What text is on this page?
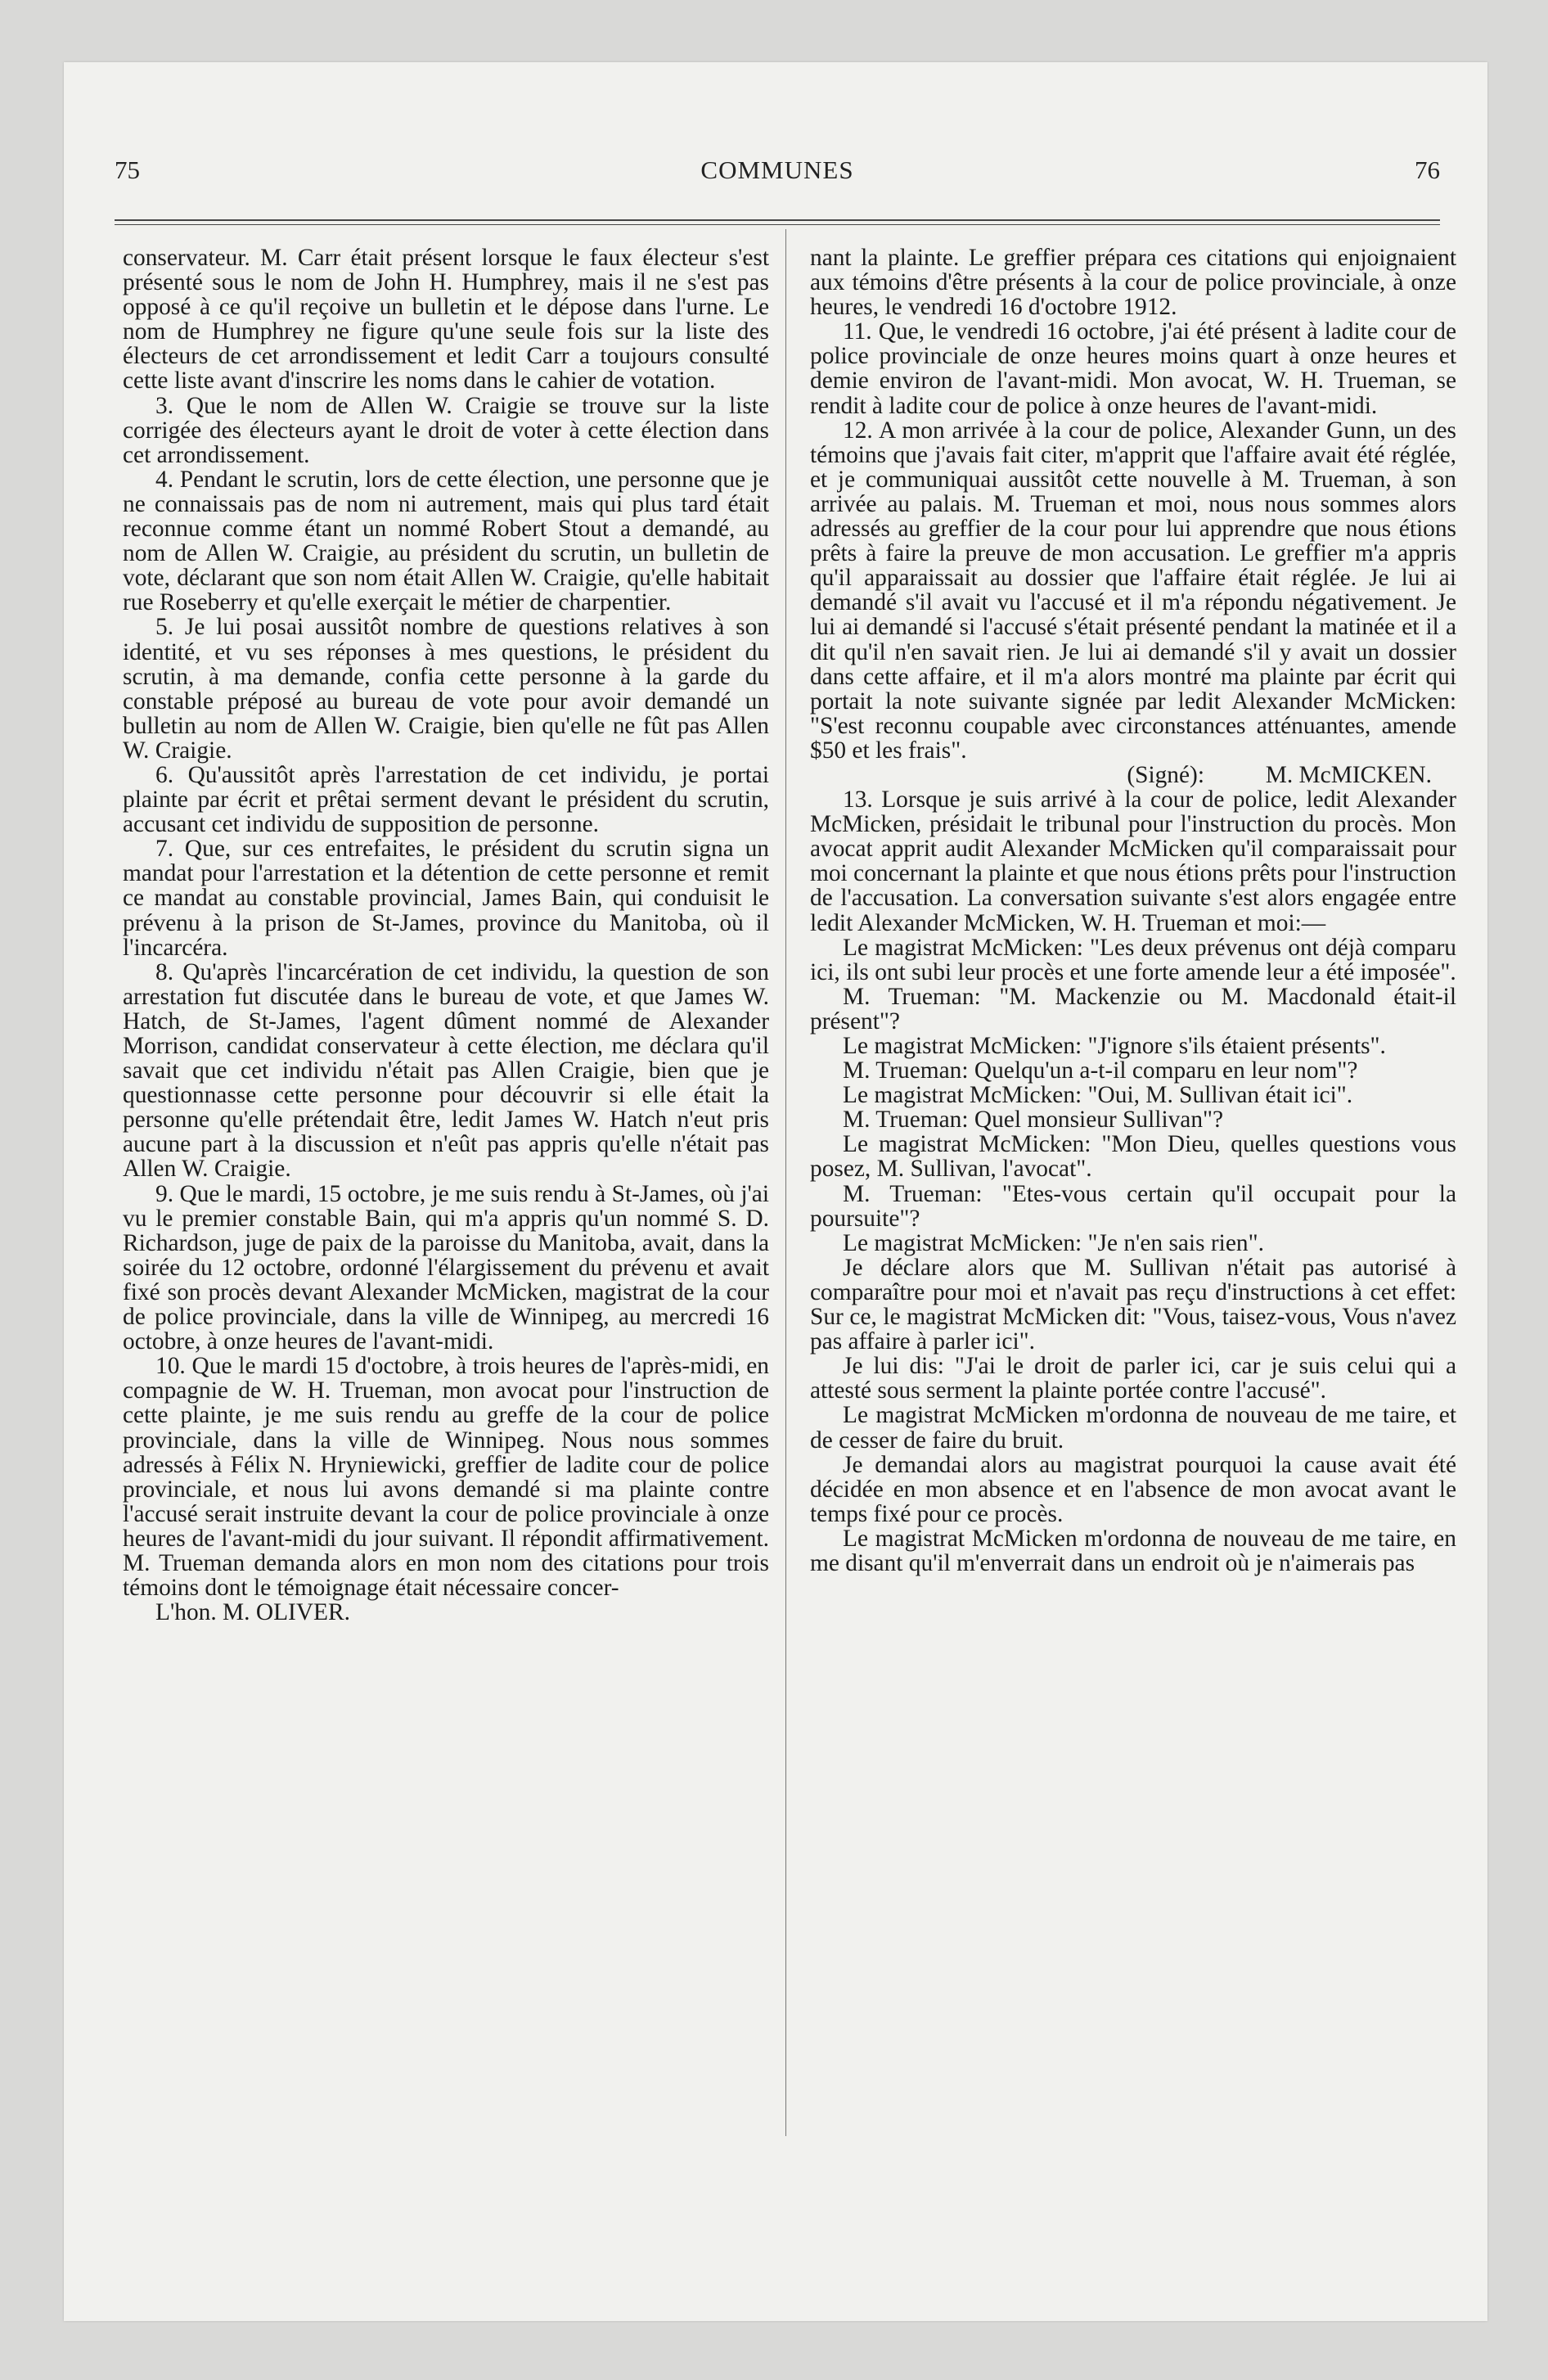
75	COMMUNES	76

conservateur. M. Carr était présent lorsque le faux électeur s'est présenté sous le nom de John H. Humphrey, mais il ne s'est pas opposé à ce qu'il reçoive un bulletin et le dépose dans l'urne. Le nom de Humphrey ne figure qu'une seule fois sur la liste des électeurs de cet arrondissement et ledit Carr a toujours consulté cette liste avant d'inscrire les noms dans le cahier de votation.

3. Que le nom de Allen W. Craigie se trouve sur la liste corrigée des électeurs ayant le droit de voter à cette élection dans cet arrondissement.

4. Pendant le scrutin, lors de cette élection, une personne que je ne connaissais pas de nom ni autrement, mais qui plus tard était reconnue comme étant un nommé Robert Stout a demandé, au nom de Allen W. Craigie, au président du scrutin, un bulletin de vote, déclarant que son nom était Allen W. Craigie, qu'elle habitait rue Roseberry et qu'elle exerçait le métier de charpentier.

5. Je lui posai aussitôt nombre de questions relatives à son identité, et vu ses réponses à mes questions, le président du scrutin, à ma demande, confia cette personne à la garde du constable préposé au bureau de vote pour avoir demandé un bulletin au nom de Allen W. Craigie, bien qu'elle ne fût pas Allen W. Craigie.

6. Qu'aussitôt après l'arrestation de cet individu, je portai plainte par écrit et prêtai serment devant le président du scrutin, accusant cet individu de supposition de personne.

7. Que, sur ces entrefaites, le président du scrutin signa un mandat pour l'arrestation et la détention de cette personne et remit ce mandat au constable provincial, James Bain, qui conduisit le prévenu à la prison de St-James, province du Manitoba, où il l'incarcéra.

8. Qu'après l'incarcération de cet individu, la question de son arrestation fut discutée dans le bureau de vote, et que James W. Hatch, de St-James, l'agent dûment nommé de Alexander Morrison, candidat conservateur à cette élection, me déclara qu'il savait que cet individu n'était pas Allen Craigie, bien que je questionnasse cette personne pour découvrir si elle était la personne qu'elle prétendait être, ledit James W. Hatch n'eut pris aucune part à la discussion et n'eût pas appris qu'elle n'était pas Allen W. Craigie.

9. Que le mardi, 15 octobre, je me suis rendu à St-James, où j'ai vu le premier constable Bain, qui m'a appris qu'un nommé S. D. Richardson, juge de paix de la paroisse du Manitoba, avait, dans la soirée du 12 octobre, ordonné l'élargissement du prévenu et avait fixé son procès devant Alexander McMicken, magistrat de la cour de police provinciale, dans la ville de Winnipeg, au mercredi 16 octobre, à onze heures de l'avant-midi.

10. Que le mardi 15 d'octobre, à trois heures de l'après-midi, en compagnie de W. H. Trueman, mon avocat pour l'instruction de cette plainte, je me suis rendu au greffe de la cour de police provinciale, dans la ville de Winnipeg. Nous nous sommes adressés à Félix N. Hryniewicki, greffier de ladite cour de police provinciale, et nous lui avons demandé si ma plainte contre l'accusé serait instruite devant la cour de police provinciale à onze heures de l'avant-midi du jour suivant. Il répondit affirmativement. M. Trueman demanda alors en mon nom des citations pour trois témoins dont le témoignage était nécessaire concer-

L'hon. M. OLIVER.

nant la plainte. Le greffier prépara ces citations qui enjoignaient aux témoins d'être présents à la cour de police provinciale, à onze heures, le vendredi 16 d'octobre 1912.

11. Que, le vendredi 16 octobre, j'ai été présent à ladite cour de police provinciale de onze heures moins quart à onze heures et demie environ de l'avant-midi. Mon avocat, W. H. Trueman, se rendit à ladite cour de police à onze heures de l'avant-midi.

12. A mon arrivée à la cour de police, Alexander Gunn, un des témoins que j'avais fait citer, m'apprit que l'affaire avait été réglée, et je communiquai aussitôt cette nouvelle à M. Trueman, à son arrivée au palais. M. Trueman et moi, nous nous sommes alors adressés au greffier de la cour pour lui apprendre que nous étions prêts à faire la preuve de mon accusation. Le greffier m'a appris qu'il apparaissait au dossier que l'affaire était réglée. Je lui ai demandé s'il avait vu l'accusé et il m'a répondu négativement. Je lui ai demandé si l'accusé s'était présenté pendant la matinée et il a dit qu'il n'en savait rien. Je lui ai demandé s'il y avait un dossier dans cette affaire, et il m'a alors montré ma plainte par écrit qui portait la note suivante signée par ledit Alexander McMicken: "S'est reconnu coupable avec circonstances atténuantes, amende $50 et les frais".

(Signé):	M. McMICKEN.

13. Lorsque je suis arrivé à la cour de police, ledit Alexander McMicken, présidait le tribunal pour l'instruction du procès. Mon avocat apprit audit Alexander McMicken qu'il comparaissait pour moi concernant la plainte et que nous étions prêts pour l'instruction de l'accusation. La conversation suivante s'est alors engagée entre ledit Alexander McMicken, W. H. Trueman et moi:—

Le magistrat McMicken: "Les deux prévenus ont déjà comparu ici, ils ont subi leur procès et une forte amende leur a été imposée".

M. Trueman: "M. Mackenzie ou M. Macdonald était-il présent"?

Le magistrat McMicken: "J'ignore s'ils étaient présents".

M. Trueman: Quelqu'un a-t-il comparu en leur nom"?

Le magistrat McMicken: "Oui, M. Sullivan était ici".

M. Trueman: Quel monsieur Sullivan"?

Le magistrat McMicken: "Mon Dieu, quelles questions vous posez, M. Sullivan, l'avocat".

M. Trueman: "Etes-vous certain qu'il occupait pour la poursuite"?

Le magistrat McMicken: "Je n'en sais rien".

Je déclare alors que M. Sullivan n'était pas autorisé à comparaître pour moi et n'avait pas reçu d'instructions à cet effet: Sur ce, le magistrat McMicken dit: "Vous, taisez-vous, Vous n'avez pas affaire à parler ici".

Je lui dis: "J'ai le droit de parler ici, car je suis celui qui a attesté sous serment la plainte portée contre l'accusé".

Le magistrat McMicken m'ordonna de nouveau de me taire, et de cesser de faire du bruit.

Je demandai alors au magistrat pourquoi la cause avait été décidée en mon absence et en l'absence de mon avocat avant le temps fixé pour ce procès.

Le magistrat McMicken m'ordonna de nouveau de me taire, en me disant qu'il m'enverrait dans un endroit où je n'aimerais pas
